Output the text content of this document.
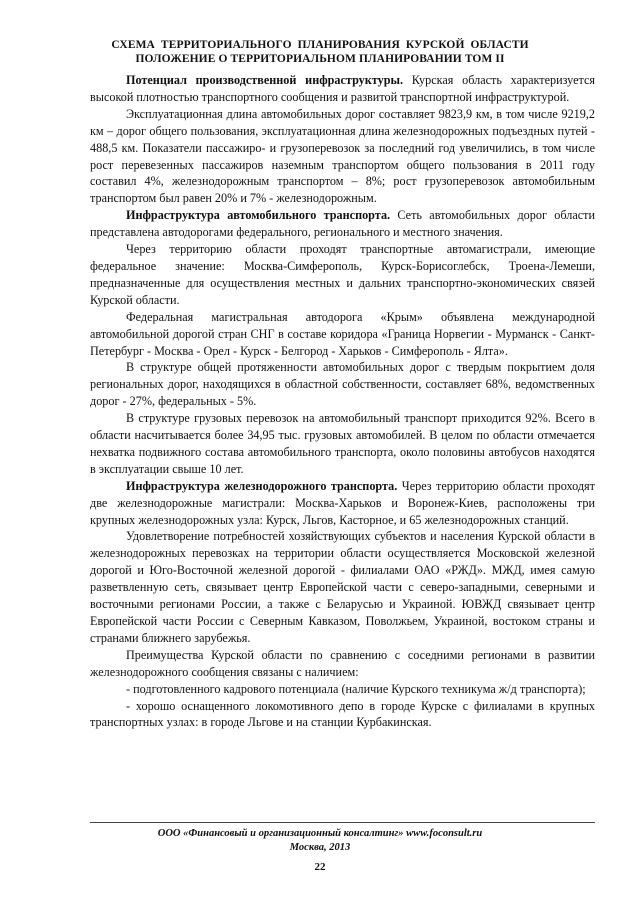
СХЕМА ТЕРРИТОРИАЛЬНОГО ПЛАНИРОВАНИЯ КУРСКОЙ ОБЛАСТИ
ПОЛОЖЕНИЕ О ТЕРРИТОРИАЛЬНОМ ПЛАНИРОВАНИИ ТОМ II

Потенциал производственной инфраструктуры. Курская область характеризуется высокой плотностью транспортного сообщения и развитой транспортной инфраструктурой.

Эксплуатационная длина автомобильных дорог составляет 9823,9 км, в том числе 9219,2 км – дорог общего пользования, эксплуатационная длина железнодорожных подъездных путей - 488,5 км. Показатели пассажиро- и грузоперевозок за последний год увеличились, в том числе рост перевезенных пассажиров наземным транспортом общего пользования в 2011 году составил 4%, железнодорожным транспортом – 8%; рост грузоперевозок автомобильным транспортом был равен 20% и 7% - железнодорожным.

Инфраструктура автомобильного транспорта. Сеть автомобильных дорог области представлена автодорогами федерального, регионального и местного значения.

Через территорию области проходят транспортные автомагистрали, имеющие федеральное значение: Москва-Симферополь, Курск-Борисоглебск, Троена-Лемеши, предназначенные для осуществления местных и дальних транспортно-экономических связей Курской области.

Федеральная магистральная автодорога «Крым» объявлена международной автомобильной дорогой стран СНГ в составе коридора «Граница Норвегии - Мурманск - Санкт-Петербург - Москва - Орел - Курск - Белгород - Харьков - Симферополь - Ялта».

В структуре общей протяженности автомобильных дорог с твердым покрытием доля региональных дорог, находящихся в областной собственности, составляет 68%, ведомственных дорог - 27%, федеральных - 5%.

В структуре грузовых перевозок на автомобильный транспорт приходится 92%. Всего в области насчитывается более 34,95 тыс. грузовых автомобилей. В целом по области отмечается нехватка подвижного состава автомобильного транспорта, около половины автобусов находятся в эксплуатации свыше 10 лет.

Инфраструктура железнодорожного транспорта. Через территорию области проходят две железнодорожные магистрали: Москва-Харьков и Воронеж-Киев, расположены три крупных железнодорожных узла: Курск, Льгов, Касторное, и 65 железнодорожных станций.

Удовлетворение потребностей хозяйствующих субъектов и населения Курской области в железнодорожных перевозках на территории области осуществляется Московской железной дорогой и Юго-Восточной железной дорогой - филиалами ОАО «РЖД». МЖД, имея самую разветвленную сеть, связывает центр Европейской части с северо-западными, северными и восточными регионами России, а также с Беларусью и Украиной. ЮВЖД связывает центр Европейской части России с Северным Кавказом, Поволжьем, Украиной, востоком страны и странами ближнего зарубежья.

Преимущества Курской области по сравнению с соседними регионами в развитии железнодорожного сообщения связаны с наличием:

- подготовленного кадрового потенциала (наличие Курского техникума ж/д транспорта);

- хорошо оснащенного локомотивного депо в городе Курске с филиалами в крупных транспортных узлах: в городе Льгове и на станции Курбакинская.

ООО «Финансовый и организационный консалтинг» www.foconsult.ru
Москва, 2013
22
